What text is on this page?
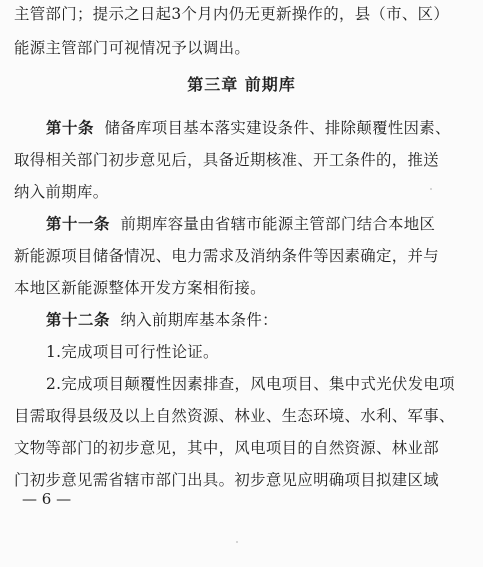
主管部门；提示之日起3个月内仍无更新操作的，县（市、区）
能源主管部门可视情况予以调出。
第三章 前期库
第十条 储备库项目基本落实建设条件、排除颠覆性因素、
取得相关部门初步意见后，具备近期核准、开工条件的，推送
纳入前期库。
第十一条 前期库容量由省辖市能源主管部门结合本地区
新能源项目储备情况、电力需求及消纳条件等因素确定，并与
本地区新能源整体开发方案相衔接。
第十二条 纳入前期库基本条件：
1.完成项目可行性论证。
2.完成项目颠覆性因素排查，风电项目、集中式光伏发电项
目需取得县级及以上自然资源、林业、生态环境、水利、军事、
文物等部门的初步意见，其中，风电项目的自然资源、林业部
门初步意见需省辖市部门出具。初步意见应明确项目拟建区域
— 6 —
